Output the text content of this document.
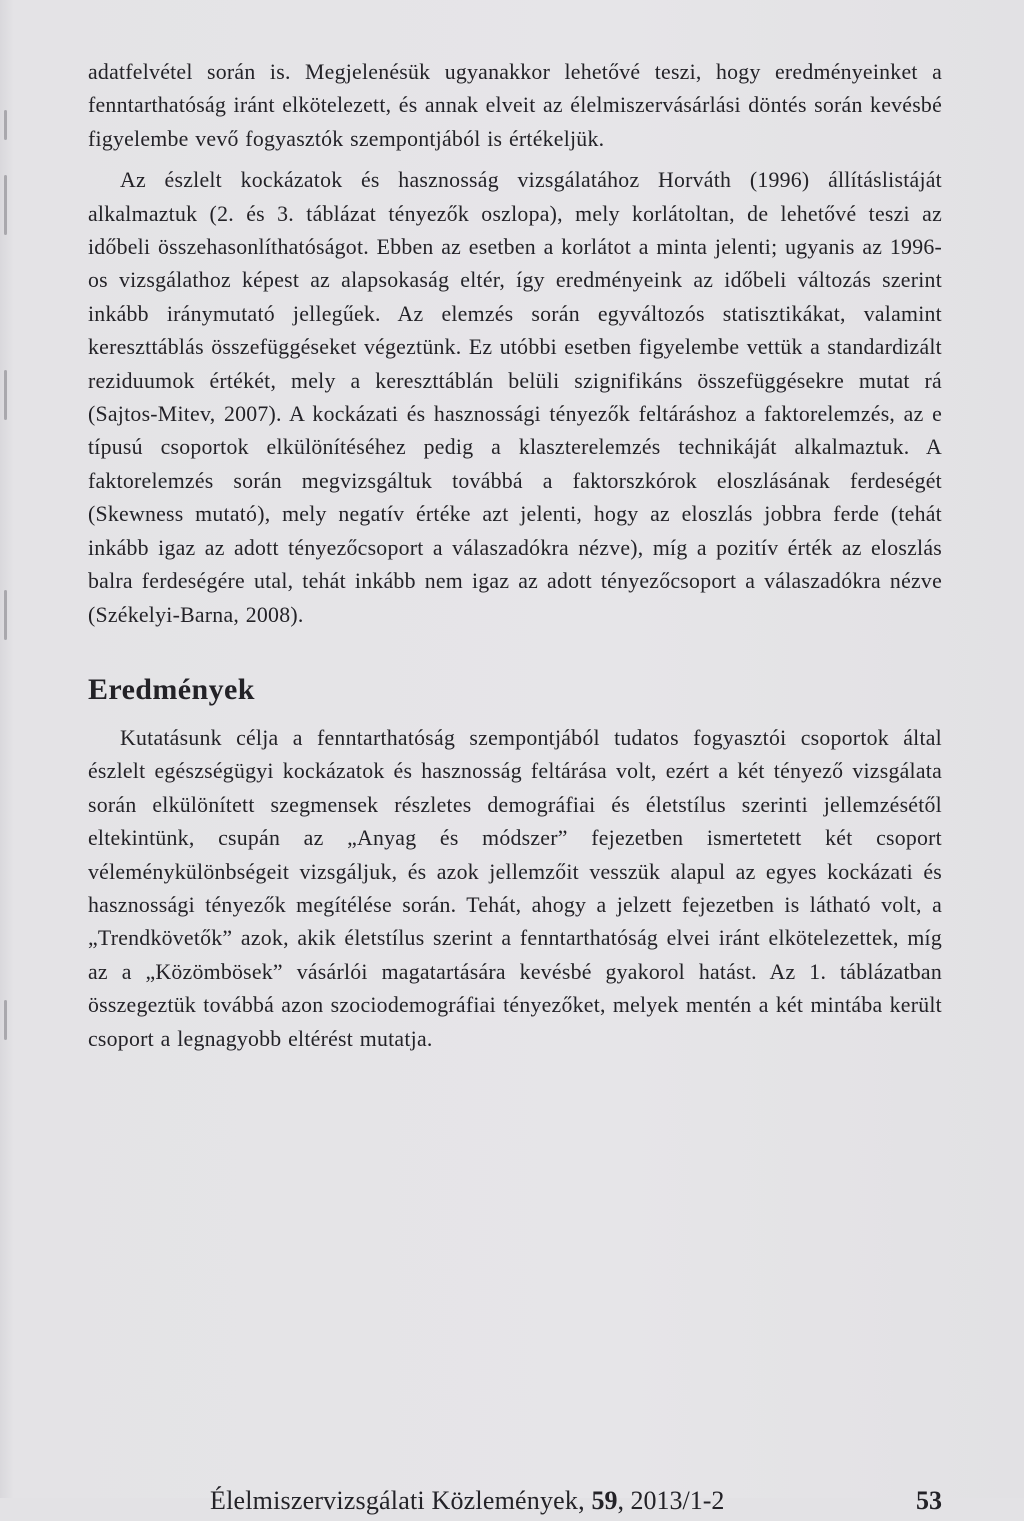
adatfelvétel során is. Megjelenésük ugyanakkor lehetővé teszi, hogy eredményeinket a fenntarthatóság iránt elkötelezett, és annak elveit az élelmiszervásárlási döntés során kevésbé figyelembe vevő fogyasztók szempontjából is értékeljük.

Az észlelt kockázatok és hasznosság vizsgálatához Horváth (1996) állításlistáját alkalmaztuk (2. és 3. táblázat tényezők oszlopa), mely korlátoltan, de lehetővé teszi az időbeli összehasonlíthatóságot. Ebben az esetben a korlátot a minta jelenti; ugyanis az 1996-os vizsgálathoz képest az alapsokaság eltér, így eredményeink az időbeli változás szerint inkább iránymutató jellegűek. Az elemzés során egyváltozós statisztikákat, valamint kereszttáblás összefüggéseket végeztünk. Ez utóbbi esetben figyelembe vettük a standardizált reziduumok értékét, mely a kereszttáblán belüli szignifikáns összefüggésekre mutat rá (Sajtos-Mitev, 2007). A kockázati és hasznossági tényezők feltáráshoz a faktorelemzés, az e típusú csoportok elkülönítéséhez pedig a klaszterelemzés technikáját alkalmaztuk. A faktorelemzés során megvizsgáltuk továbbá a faktorszkórok eloszlásának ferdeségét (Skewness mutató), mely negatív értéke azt jelenti, hogy az eloszlás jobbra ferde (tehát inkább igaz az adott tényezőcsoport a válaszadókra nézve), míg a pozitív érték az eloszlás balra ferdeségére utal, tehát inkább nem igaz az adott tényezőcsoport a válaszadókra nézve (Székelyi-Barna, 2008).

Eredmények

Kutatásunk célja a fenntarthatóság szempontjából tudatos fogyasztói csoportok által észlelt egészségügyi kockázatok és hasznosság feltárása volt, ezért a két tényező vizsgálata során elkülönített szegmensek részletes demográfiai és életstílus szerinti jellemzésétől eltekintünk, csupán az „Anyag és módszer” fejezetben ismertetett két csoport véleménykülönbségeit vizsgáljuk, és azok jellemzőit vesszük alapul az egyes kockázati és hasznossági tényezők megítélése során. Tehát, ahogy a jelzett fejezetben is látható volt, a „Trendkövetők” azok, akik életstílus szerint a fenntarthatóság elvei iránt elkötelezettek, míg az a „Közömbösek” vásárlói magatartására kevésbé gyakorol hatást. Az 1. táblázatban összegeztük továbbá azon szociodemográfiai tényezőket, melyek mentén a két mintába került csoport a legnagyobb eltérést mutatja.

Élelmiszervizsgálati Közlemények, 59, 2013/1-2	53
